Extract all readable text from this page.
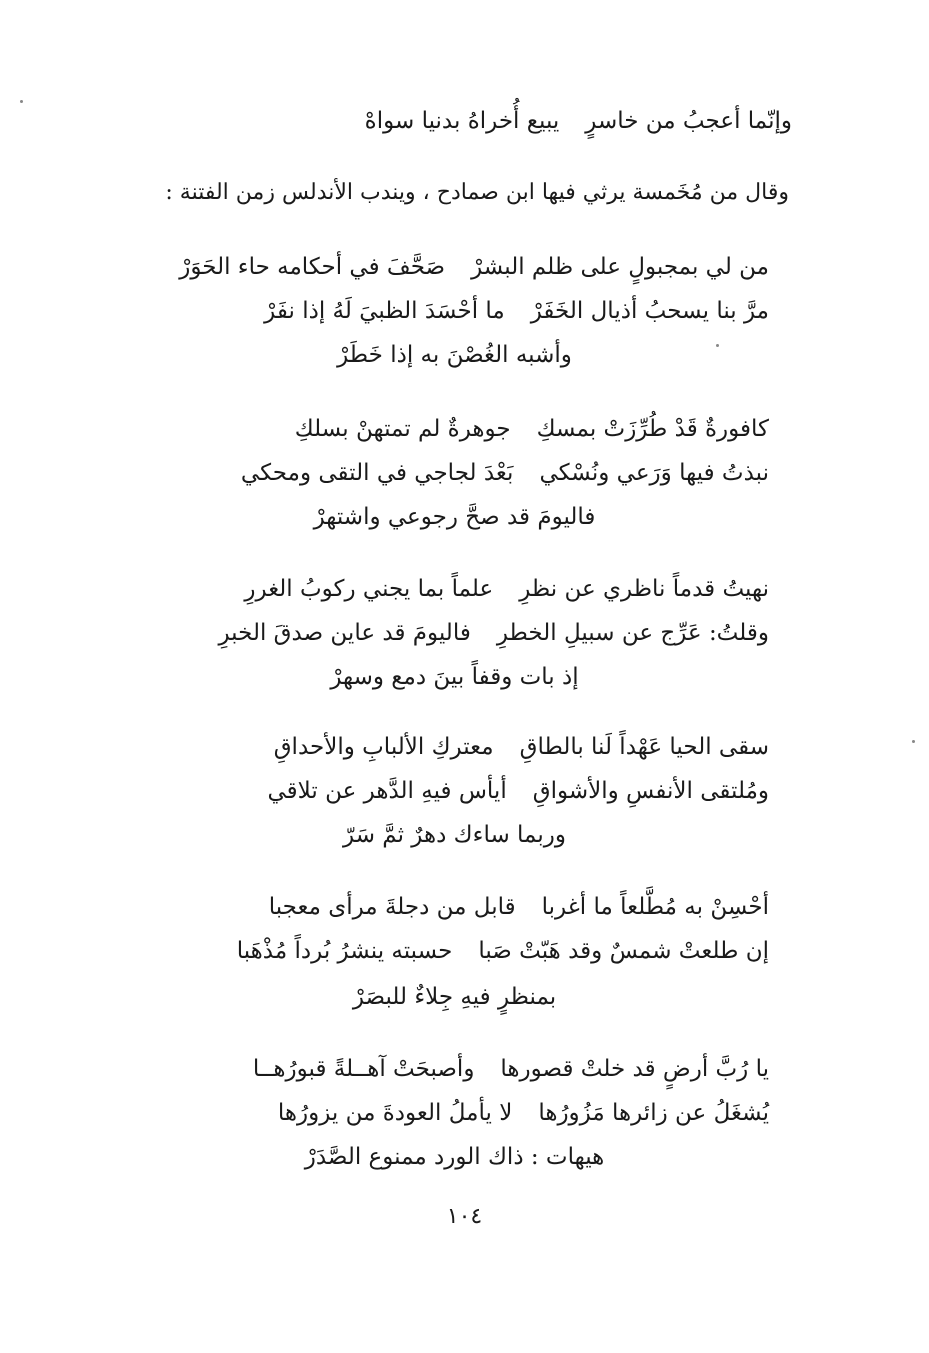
وإنّما أعجبُ من خاسرٍيبيع أُخراهُ بدنيا سواهْ
وقال من مُخَمسة يرثي فيها ابن صمادح ، ويندب الأندلس زمن الفتنة :
من لي بمجبولٍ على ظلم البشرْصَحَّفَ في أحكامه حاء الحَوَرْ
مرَّ بنا يسحبُ أذيال الخَفَرْما أحْسَدَ الظبيَ لَهُ إذا نفَرْ
وأشبه الغُصْنَ به إذا خَطَرْ
كافورةٌ قَدْ طُرِّزَتْ بمسكِجوهرةٌ لم تمتهنْ بسلكِ
نبذتُ فيها وَرَعي ونُسْكيبَعْدَ لجاجي في التقى ومحكي
فاليومَ قد صحَّ رجوعي واشتهرْ
نهيتُ قدماً ناظري عن نظرِعلماً بما يجني ركوبُ الغررِ
وقلتُ: عَرِّج عن سبيلِ الخطرِفاليومَ قد عاين صدقَ الخبرِ
إذ بات وقفاً بينَ دمع وسهرْ
سقى الحيا عَهْداً لَنا بالطاقِمعتركِ الألبابِ والأحداقِ
ومُلتقى الأنفسِ والأشواقِأيأس فيهِ الدَّهر عن تلاقي
وربما ساءك دهرٌ ثمَّ سَرّ
أحْسِنْ به مُطَّلعاً ما أغرباقابل من دجلةَ مرأى معجبا
إن طلعتْ شمسٌ وقد هَبّتْ صَباحسبته ينشرُ بُرداً مُذْهَبا
بمنظرٍ فيهِ جِلاءٌ للبصَرْ
يا رُبَّ أرضٍ قد خلتْ قصورهاوأصبحَتْ آهــلةً قبورُهــا
يُشغَلُ عن زائرها مَزُورُهالا يأملُ العودةَ من يزورُها
هيهات : ذاك الورد ممنوع الصَّدَرْ
١٠٤
